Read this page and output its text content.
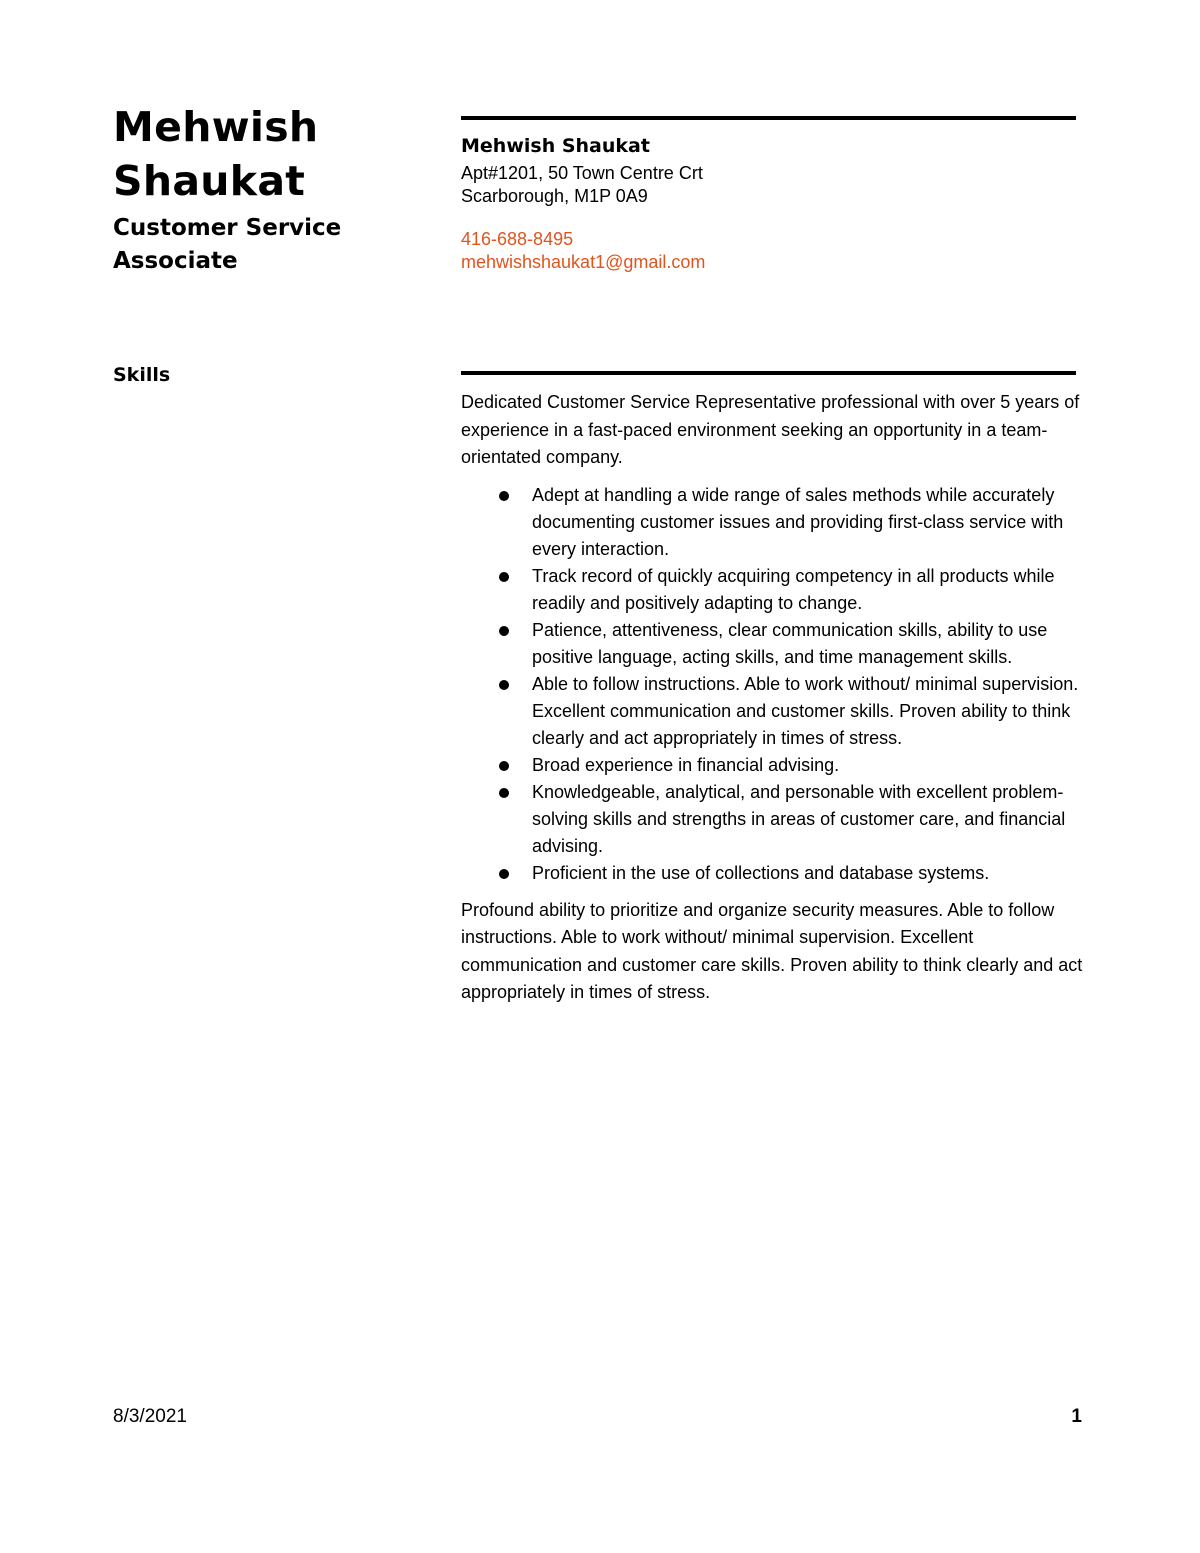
Mehwish
Shaukat
Customer Service
Associate
Skills

Mehwish Shaukat

Apt#1201, 50 Town Centre Crt

Scarborough, M1P 0A9

416-688-8495

mehwishshaukat1@gmail.com

Dedicated Customer Service Representative professional with over 5 years of experience in a fast-paced environment seeking an opportunity in a team-orientated company.

Adept at handling a wide range of sales methods while accurately documenting customer issues and providing first-class service with every interaction.
Track record of quickly acquiring competency in all products while readily and positively adapting to change.
Patience, attentiveness, clear communication skills, ability to use positive language, acting skills, and time management skills.
Able to follow instructions. Able to work without/ minimal supervision. Excellent communication and customer skills. Proven ability to think clearly and act appropriately in times of stress.
Broad experience in financial advising.
Knowledgeable, analytical, and personable with excellent problem-solving skills and strengths in areas of customer care, and financial advising.
Proficient in the use of collections and database systems.

Profound ability to prioritize and organize security measures. Able to follow instructions. Able to work without/ minimal supervision. Excellent communication and customer care skills. Proven ability to think clearly and act appropriately in times of stress.

8/3/2021	1
